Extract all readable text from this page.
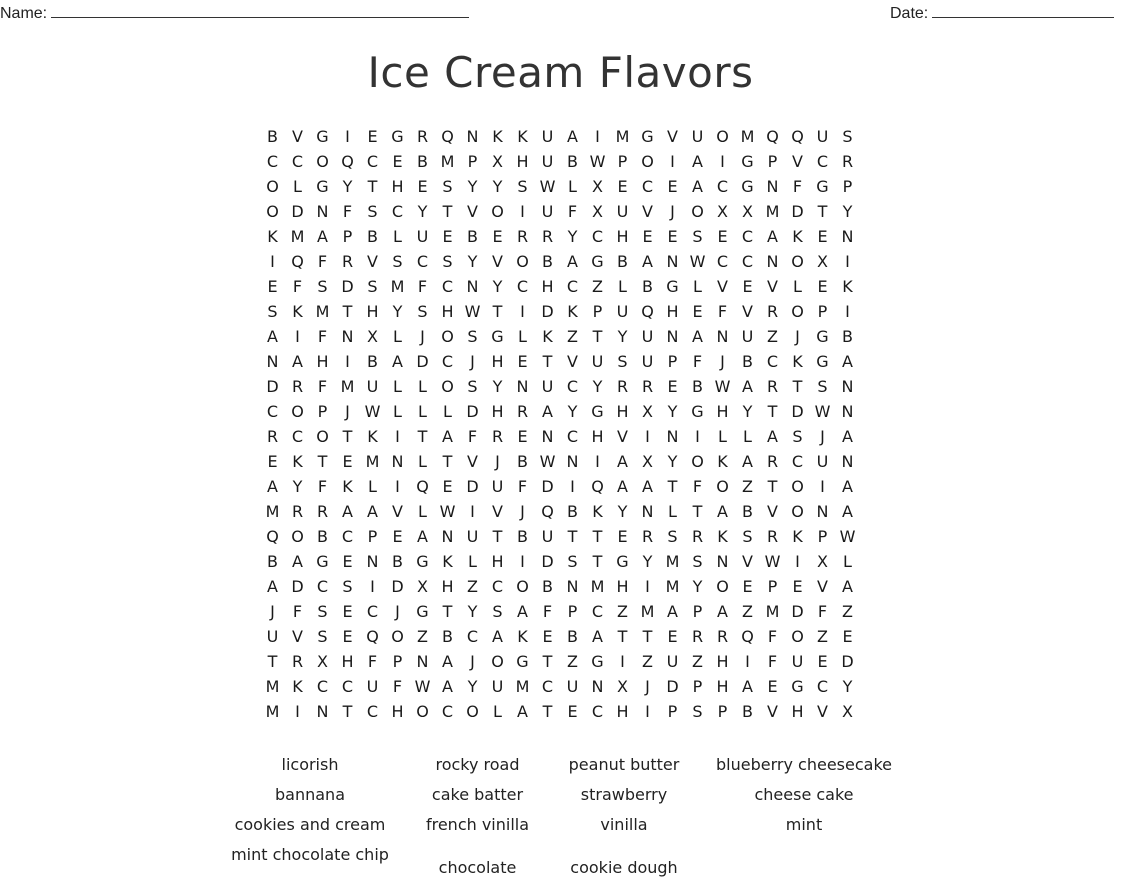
Name:	Date:
Ice Cream Flavors
B V G	I	E G R Q N K K U A	I M G V U O M Q Q U S
C C O Q C E B M P X H U B W P O	I	A	I	G P V C R
O L G Y T H E S Y Y S W L X E C E A C G N F G P
O D N F S C Y T V O	I	U F X U V	J	O X X M D T Y
K M A P B L U E B E R R Y C H E E S E C A K E N
I	Q F R V S C S Y V O B A G B A N W C C N O X	I
E F S D S M F C N Y C H C Z L B G L V E V L E K
S K M T H Y S H W T	I	D K P U Q H E F V R O P	I
A	I	F N X L	J	O S G L K Z T Y U N A N U Z	J	G B
N A H	I	B A D C	J	H E T V U S U P F	J	B C K G A
D R F M U L	L O S Y N U C Y R R E B W A R T S N
C O P	J W L	L	L D H R A Y G H X Y G H Y T D W N
R C O T K	I	T A F R E N C H V	I	N	I	L	L A S	J	A
E K T E M N L T V	J	B W N	I	A X Y O K A R C U N
A Y F K L	I	Q E D U F D	I	Q A A T F O Z T O	I	A
M R R A A V L W I	V	J	Q B K Y N L T A B V O N A
Q O B C P E A N U T B U T T E R S R K S R K P W
B A G E N B G K L H	I	D S T G Y M S N V W I	X L
A D C S	I	D X H Z C O B N M H	I M Y O E P E V A
J	F S E C	J	G T Y S A F P C Z M A P A Z M D F Z
U V S E Q O Z B C A K E B A T T E R R Q F O Z E
T R X H F P N A	J	O G T Z G	I	Z U Z H	I	F U E D
M K C C U F W A Y U M C U N X	J	D P H A E G C Y
M I	N T C H O C O L A T E C H	I	P S P B V H V X
licorish	rocky road	peanut butter	blueberry cheesecake
bannana	cake batter	strawberry	cheese cake
cookies and cream	french vinilla	vinilla	mint
mint chocolate chip
chocolate	cookie dough
